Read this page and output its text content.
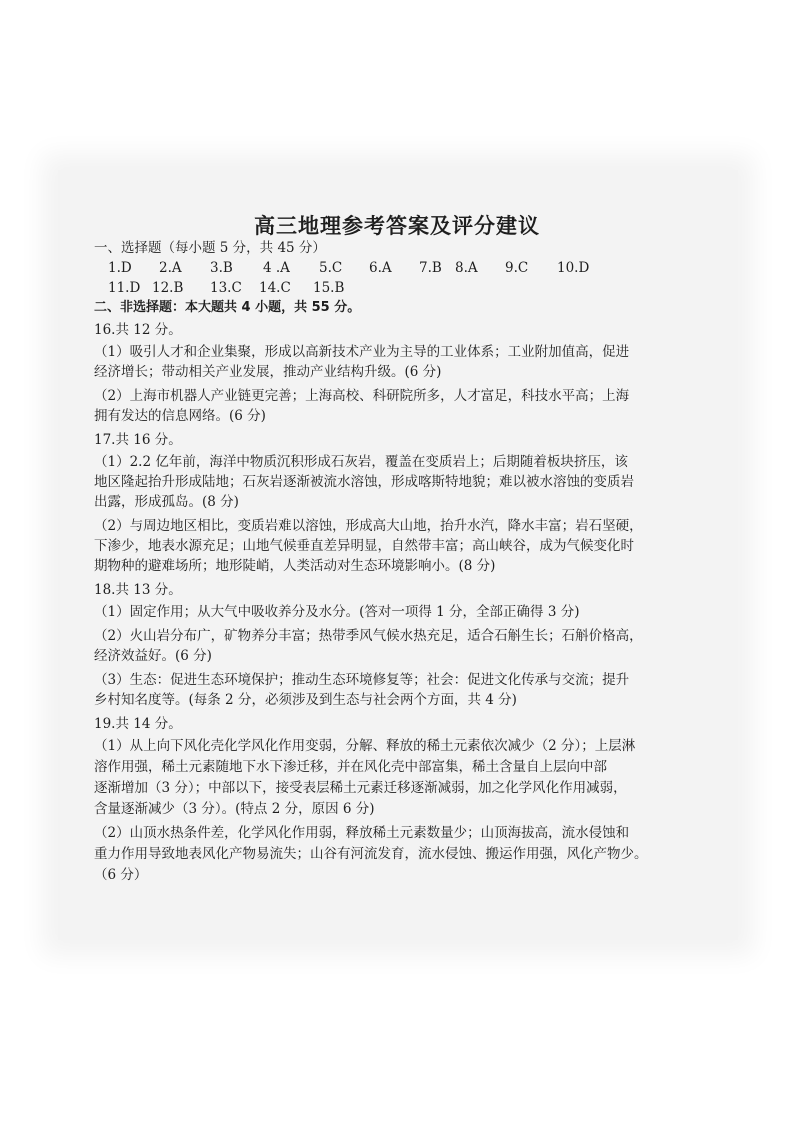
高三地理参考答案及评分建议
一、选择题（每小题 5 分，共 45 分）
1.D 2.A 3.B 4 .A 5.C 6.A 7.B 8.A 9.C 10.D
11.D 12.B 13.C 14.C 15.B
二、非选择题：本大题共 4 小题，共 55 分。
16.共 12 分。
（1）吸引人才和企业集聚，形成以高新技术产业为主导的工业体系；工业附加值高，促进
经济增长；带动相关产业发展，推动产业结构升级。(6 分)
（2）上海市机器人产业链更完善；上海高校、科研院所多，人才富足，科技水平高；上海
拥有发达的信息网络。(6 分)
17.共 16 分。
（1）2.2 亿年前，海洋中物质沉积形成石灰岩，覆盖在变质岩上；后期随着板块挤压，该
地区隆起抬升形成陆地；石灰岩逐渐被流水溶蚀，形成喀斯特地貌；难以被水溶蚀的变质岩
出露，形成孤岛。(8 分)
（2）与周边地区相比，变质岩难以溶蚀，形成高大山地，抬升水汽，降水丰富；岩石坚硬，
下渗少，地表水源充足；山地气候垂直差异明显，自然带丰富；高山峡谷，成为气候变化时
期物种的避难场所；地形陡峭，人类活动对生态环境影响小。(8 分)
18.共 13 分。
（1）固定作用；从大气中吸收养分及水分。(答对一项得 1 分，全部正确得 3 分)
（2）火山岩分布广，矿物养分丰富；热带季风气候水热充足，适合石斛生长；石斛价格高，
经济效益好。(6 分)
（3）生态：促进生态环境保护；推动生态环境修复等；社会：促进文化传承与交流；提升
乡村知名度等。(每条 2 分，必须涉及到生态与社会两个方面，共 4 分)
19.共 14 分。
（1）从上向下风化壳化学风化作用变弱，分解、释放的稀土元素依次减少（2 分）；上层淋
溶作用强，稀土元素随地下水下渗迁移，并在风化壳中部富集，稀土含量自上层向中部
逐渐增加（3 分）；中部以下，接受表层稀土元素迁移逐渐减弱，加之化学风化作用减弱，
含量逐渐减少（3 分）。(特点 2 分，原因 6 分)
（2）山顶水热条件差，化学风化作用弱，释放稀土元素数量少；山顶海拔高，流水侵蚀和
重力作用导致地表风化产物易流失；山谷有河流发育，流水侵蚀、搬运作用强，风化产物少。
（6 分）
